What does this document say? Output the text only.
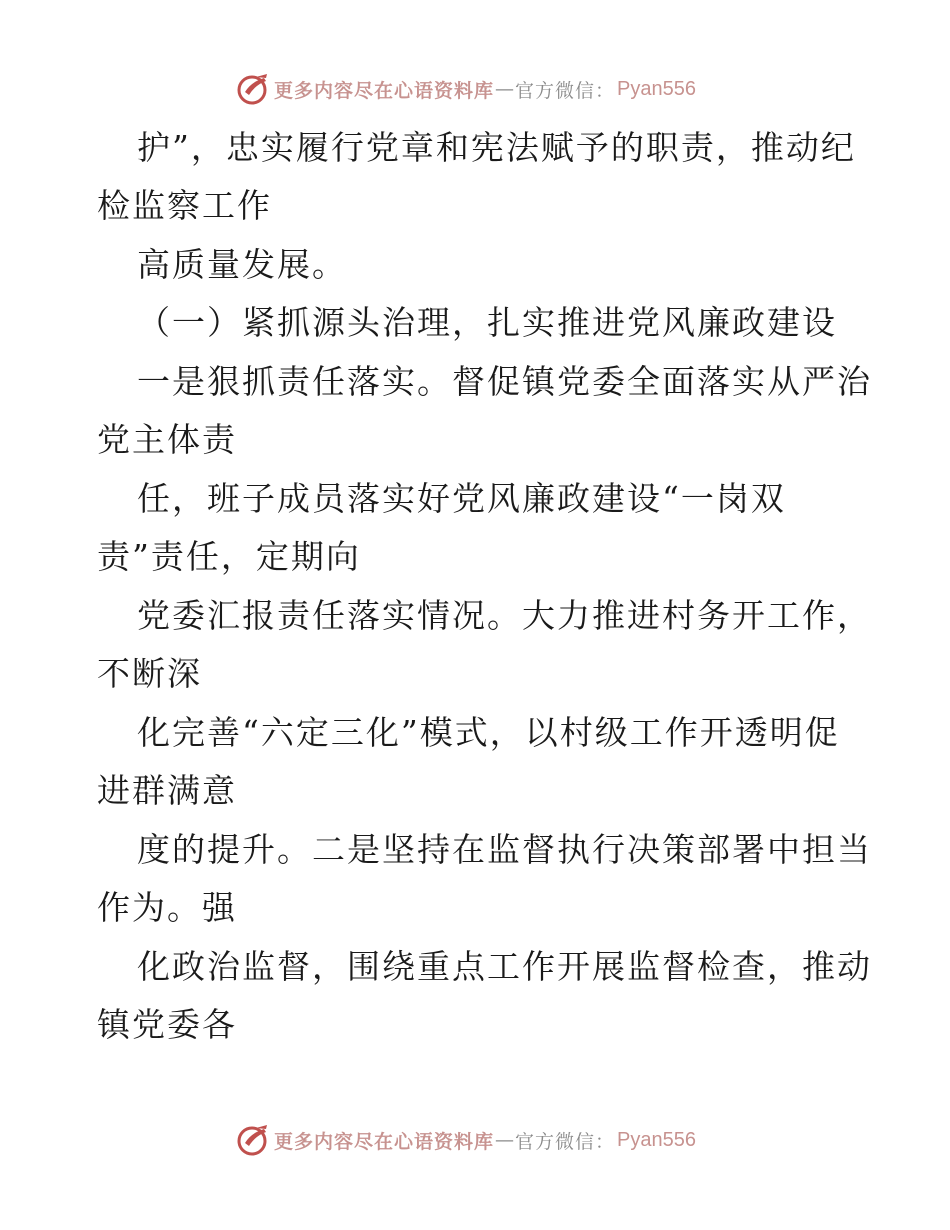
更多内容尽在心语资料库 — 官方微信： Pyan556
护”，忠实履行党章和宪法赋予的职责，推动纪
检监察工作
高质量发展。
（一）紧抓源头治理，扎实推进党风廉政建设
一是狠抓责任落实。督促镇党委全面落实从严治
党主体责
任，班子成员落实好党风廉政建设“一岗双
责”责任，定期向
党委汇报责任落实情况。大力推进村务开工作，
不断深
化完善“六定三化”模式，以村级工作开透明促
进群满意
度的提升。二是坚持在监督执行决策部署中担当
作为。强
化政治监督，围绕重点工作开展监督检查，推动
镇党委各
更多内容尽在心语资料库 — 官方微信： Pyan556
